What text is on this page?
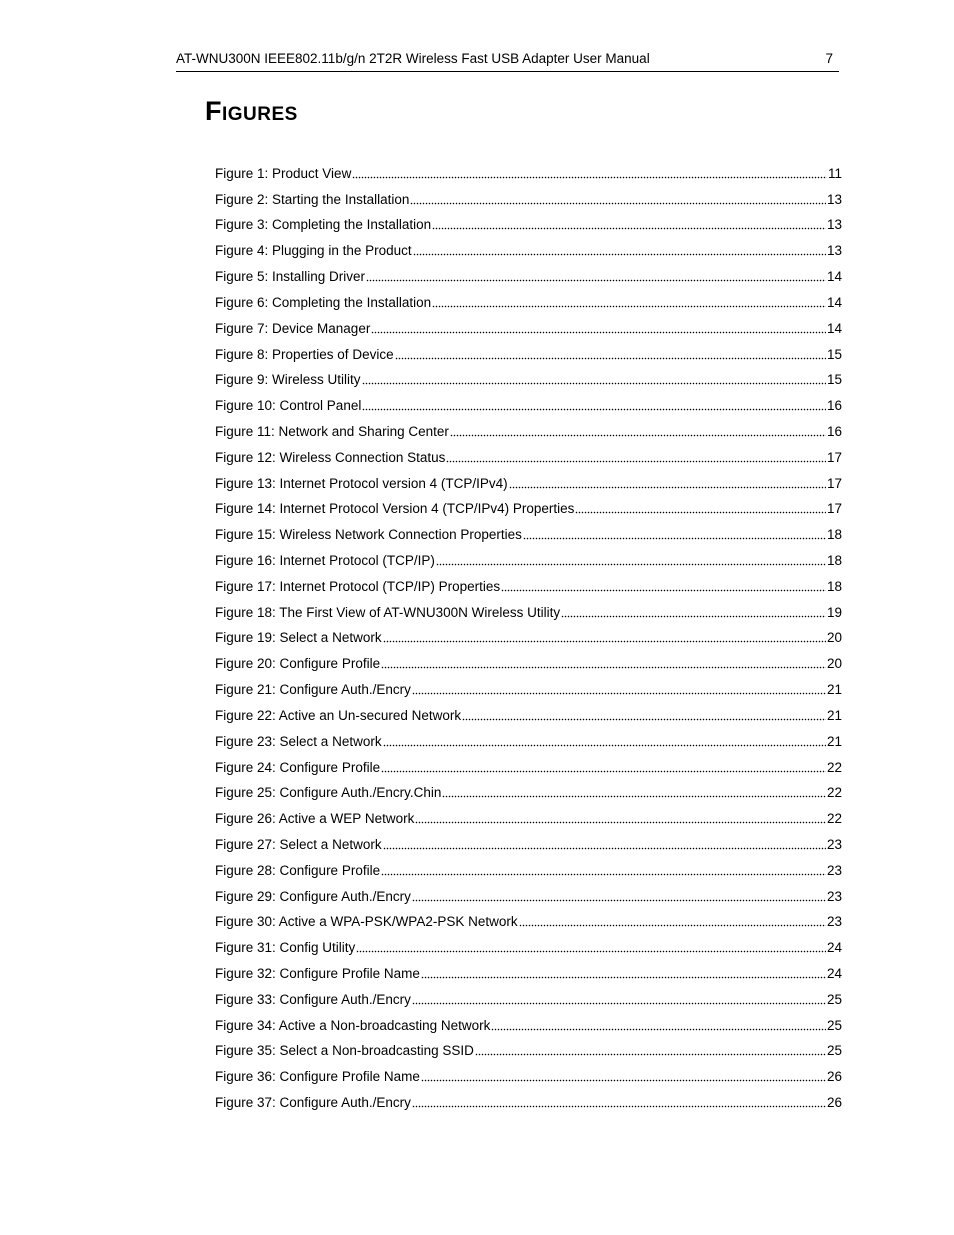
AT-WNU300N IEEE802.11b/g/n 2T2R Wireless Fast USB Adapter User Manual	7
Figures
Figure 1: Product View	11
Figure 2: Starting the Installation	13
Figure 3: Completing the Installation	13
Figure 4: Plugging in the Product	13
Figure 5: Installing Driver	14
Figure 6: Completing the Installation	14
Figure 7: Device Manager	14
Figure 8: Properties of Device	15
Figure 9: Wireless Utility	15
Figure 10: Control Panel	16
Figure 11: Network and Sharing Center	16
Figure 12: Wireless Connection Status	17
Figure 13: Internet Protocol version 4 (TCP/IPv4)	17
Figure 14: Internet Protocol Version 4 (TCP/IPv4) Properties	17
Figure 15: Wireless Network Connection Properties	18
Figure 16: Internet Protocol (TCP/IP)	18
Figure 17: Internet Protocol (TCP/IP) Properties	18
Figure 18: The First View of AT-WNU300N Wireless Utility	19
Figure 19: Select a Network	20
Figure 20: Configure Profile	20
Figure 21: Configure Auth./Encry	21
Figure 22: Active an Un-secured Network	21
Figure 23: Select a Network	21
Figure 24: Configure Profile	22
Figure 25: Configure Auth./Encry.Chin	22
Figure 26: Active a WEP Network	22
Figure 27: Select a Network	23
Figure 28: Configure Profile	23
Figure 29: Configure Auth./Encry	23
Figure 30: Active a WPA-PSK/WPA2-PSK Network	23
Figure 31: Config Utility	24
Figure 32: Configure Profile Name	24
Figure 33: Configure Auth./Encry	25
Figure 34: Active a Non-broadcasting Network	25
Figure 35: Select a Non-broadcasting SSID	25
Figure 36: Configure Profile Name	26
Figure 37: Configure Auth./Encry	26
